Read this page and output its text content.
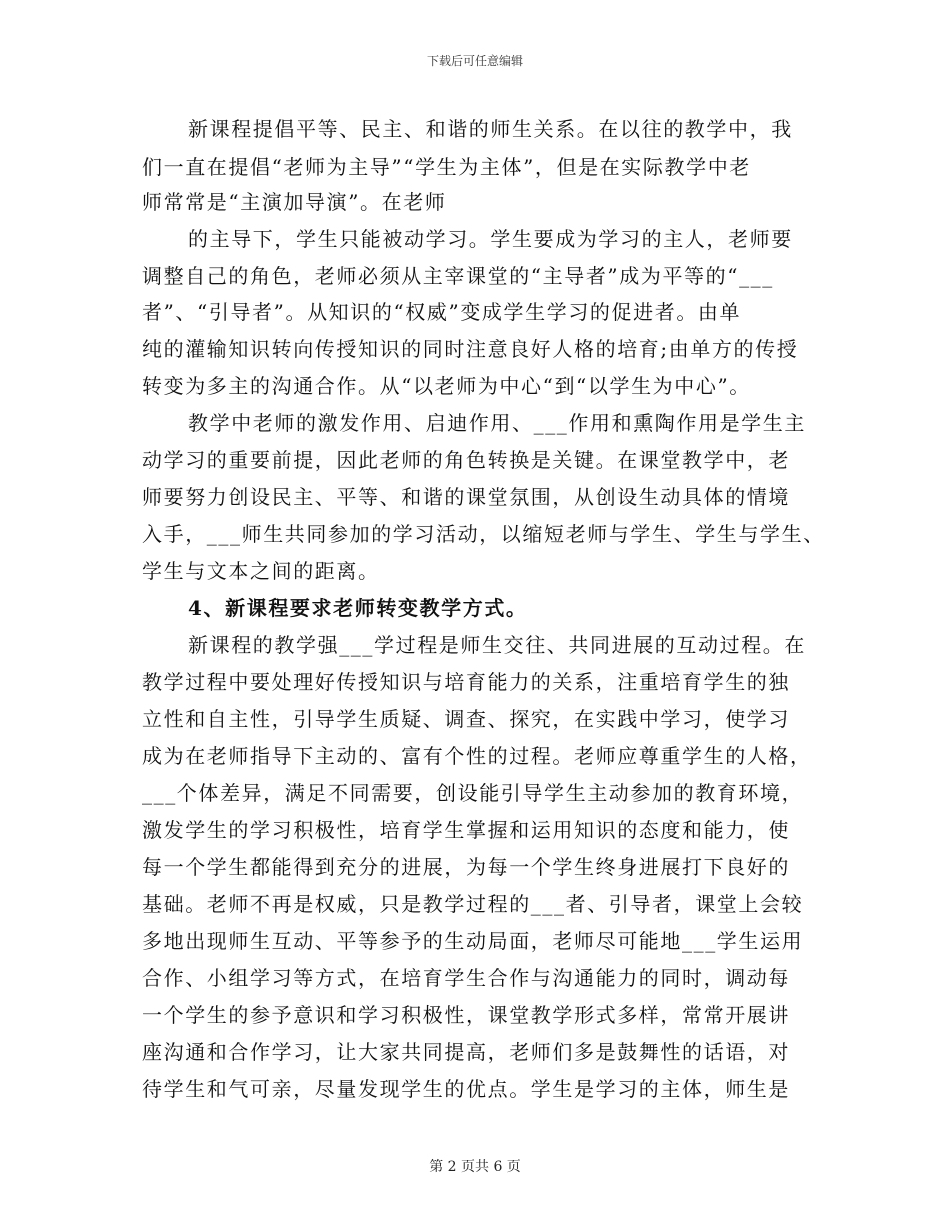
下载后可任意编辑
新课程提倡平等、民主、和谐的师生关系。在以往的教学中，我
们一直在提倡“老师为主导”“学生为主体”，但是在实际教学中老
师常常是“主演加导演”。在老师
的主导下，学生只能被动学习。学生要成为学习的主人，老师要
调整自己的角色，老师必须从主宰课堂的“主导者”成为平等的“___
者”、“引导者”。从知识的“权威”变成学生学习的促进者。由单
纯的灌输知识转向传授知识的同时注意良好人格的培育;由单方的传授
转变为多主的沟通合作。从“以老师为中心“到“以学生为中心”。
教学中老师的激发作用、启迪作用、___作用和熏陶作用是学生主
动学习的重要前提，因此老师的角色转换是关键。在课堂教学中，老
师要努力创设民主、平等、和谐的课堂氛围，从创设生动具体的情境
入手，___师生共同参加的学习活动，以缩短老师与学生、学生与学生、
学生与文本之间的距离。
4、新课程要求老师转变教学方式。
新课程的教学强___学过程是师生交往、共同进展的互动过程。在
教学过程中要处理好传授知识与培育能力的关系，注重培育学生的独
立性和自主性，引导学生质疑、调查、探究，在实践中学习，使学习
成为在老师指导下主动的、富有个性的过程。老师应尊重学生的人格，
___个体差异，满足不同需要，创设能引导学生主动参加的教育环境，
激发学生的学习积极性，培育学生掌握和运用知识的态度和能力，使
每一个学生都能得到充分的进展，为每一个学生终身进展打下良好的
基础。老师不再是权威，只是教学过程的___者、引导者，课堂上会较
多地出现师生互动、平等参予的生动局面，老师尽可能地___学生运用
合作、小组学习等方式，在培育学生合作与沟通能力的同时，调动每
一个学生的参予意识和学习积极性，课堂教学形式多样，常常开展讲
座沟通和合作学习，让大家共同提高，老师们多是鼓舞性的话语，对
待学生和气可亲，尽量发现学生的优点。学生是学习的主体，师生是
第 2 页共 6 页
